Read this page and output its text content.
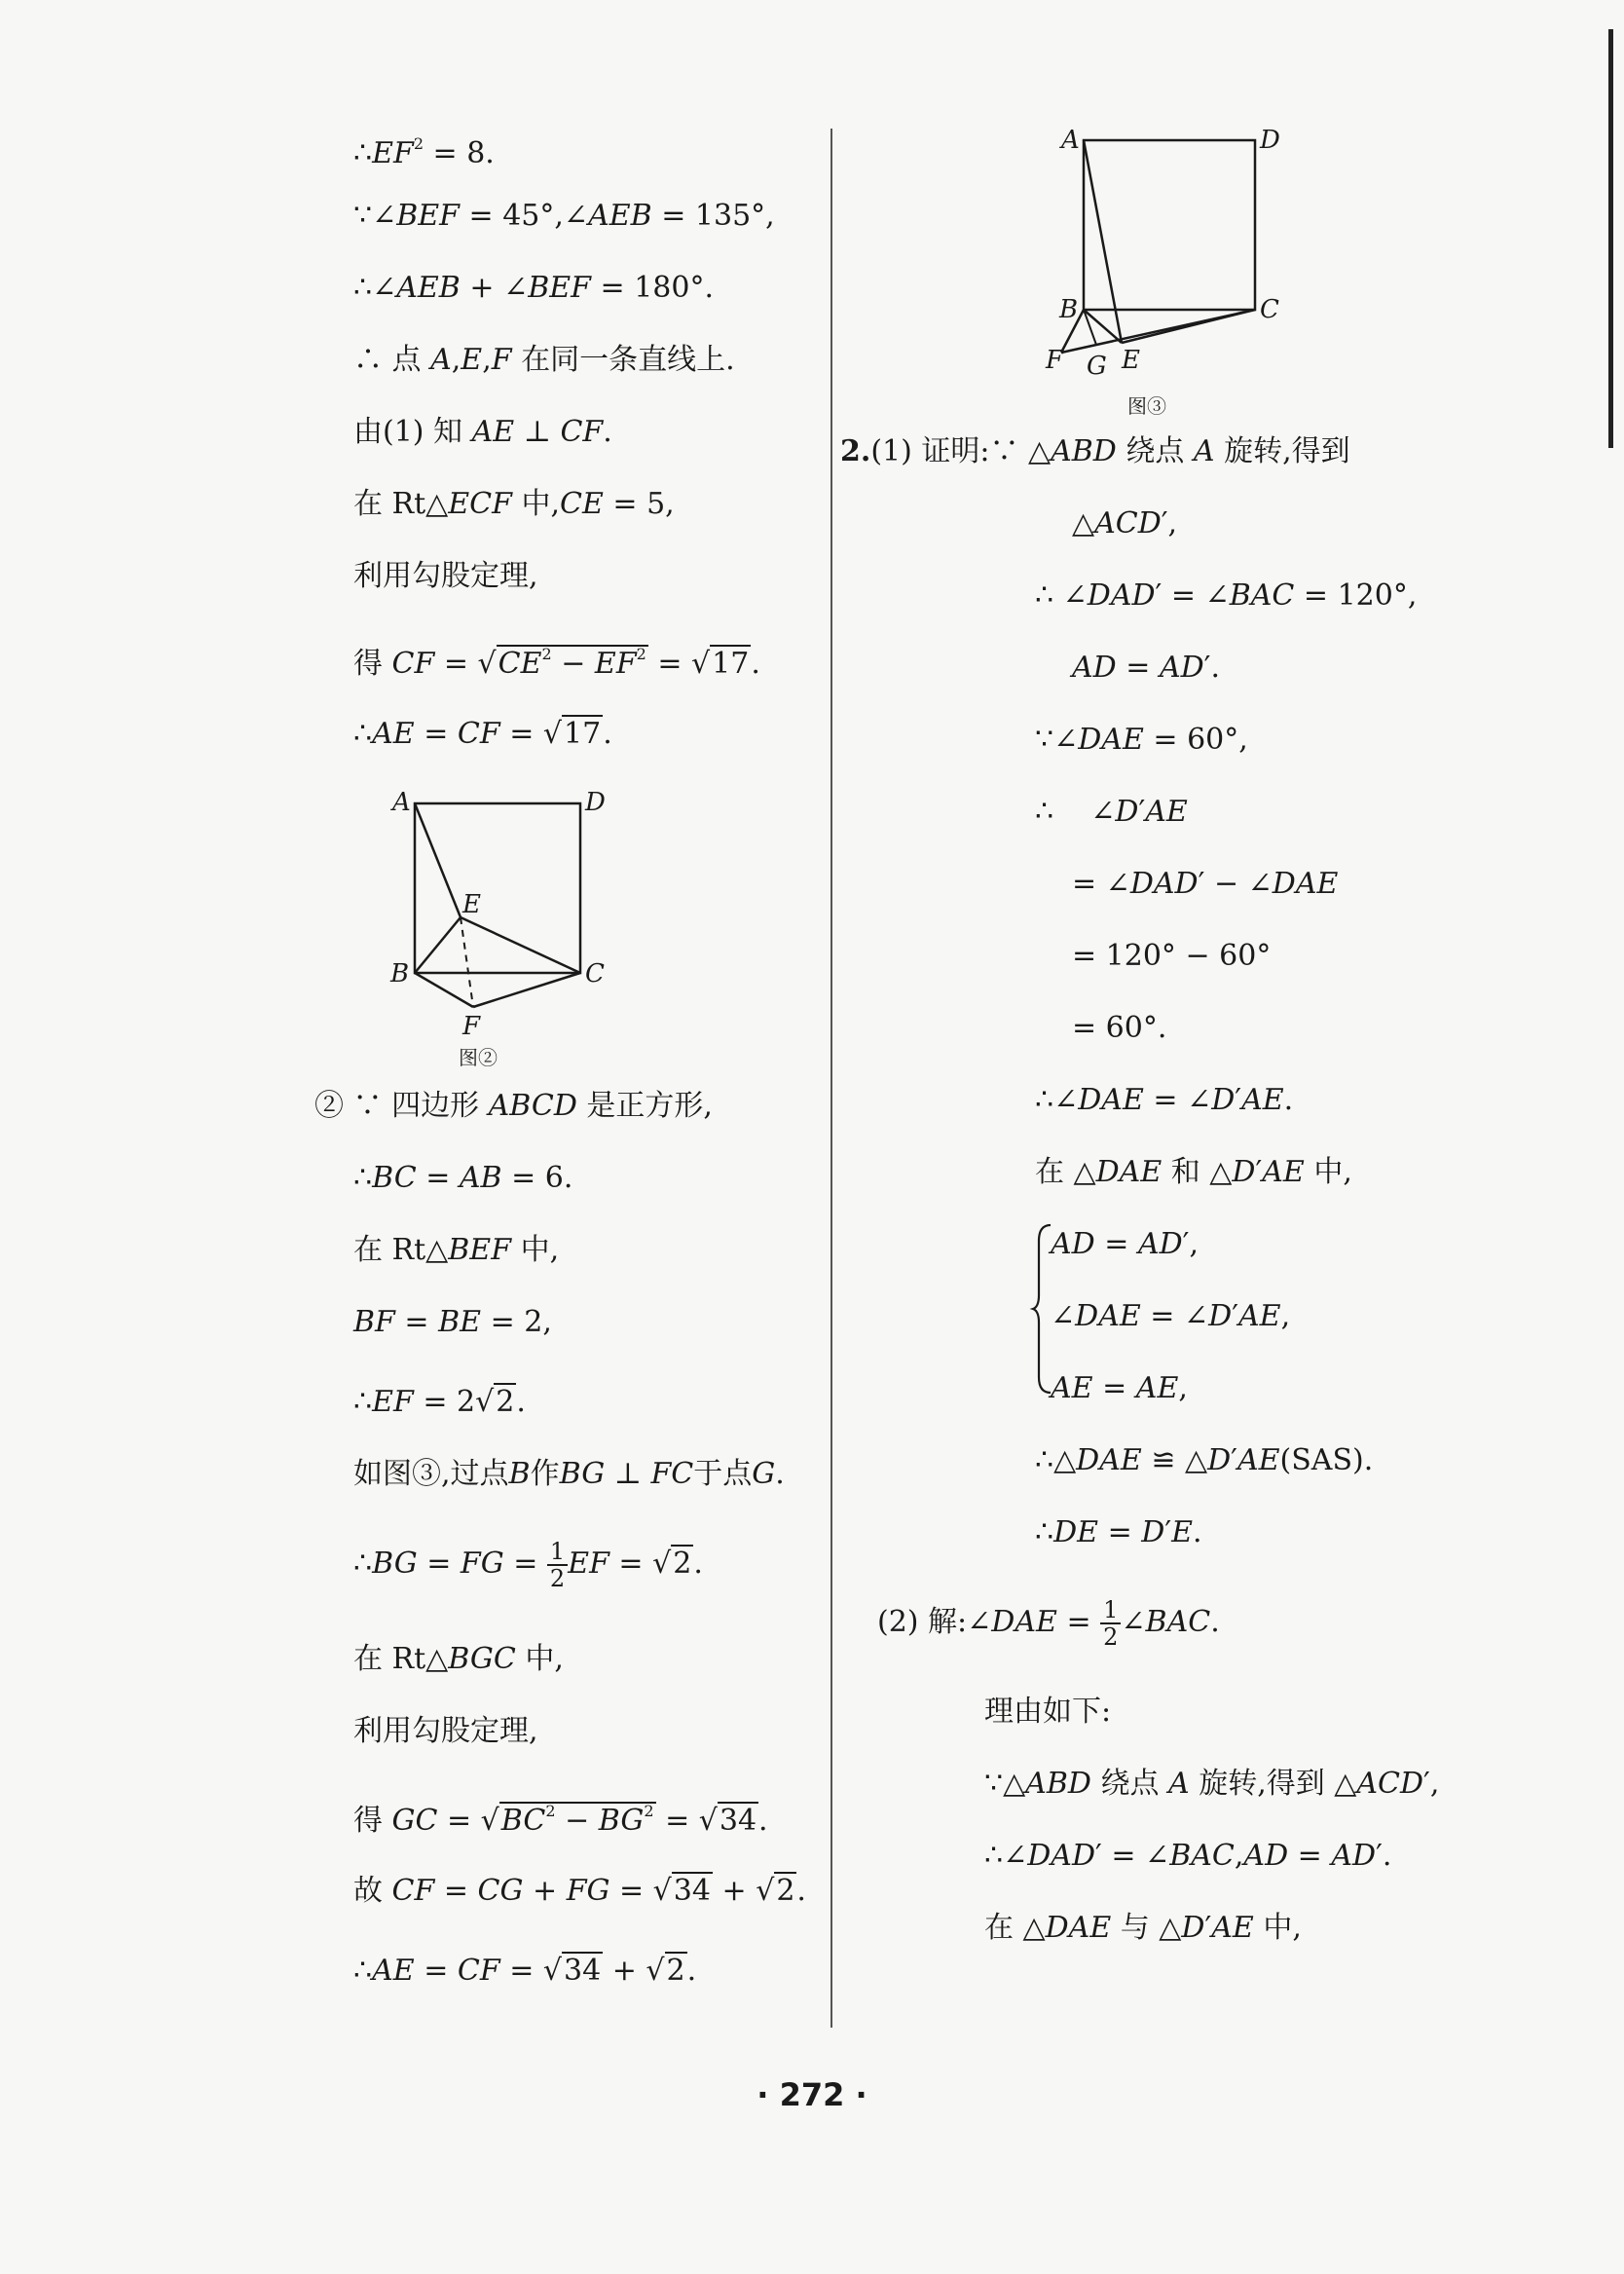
$\therefore EF^2 = 8$.
∵∠BEF = 45°,∠AEB = 135°,
∴∠AEB + ∠BEF = 180°.
∴ 点 A,E,F 在同一条直线上.
由(1) 知 AE ⊥ CF.
在 Rt△ECF 中,CE = 5,
利用勾股定理,
得 CF = $√CE^2 - EF^2 = √17$.
∴AE = CF = √17.
A	D
E
B	C
F
图②
② ∵ 四边形 ABCD 是正方形,
∴BC = AB = 6.
在 Rt△BEF 中,
BF = BE = 2,
∴EF = 2√2.
如图③,过点B作BG ⊥ FC于点G.
∴BG = FG = $\frac{1}{2}$ EF = √2.
在 Rt△BGC 中,
利用勾股定理,
得 GC = $√BC^2 - BG^2 = √34$.
故 CF = CG + FG = √34 + √2.
∴AE = CF = √34 + √2.
A	D
B	C
F G E
图③
2.(1) 证明:∵ △ABD 绕点 A 旋转,得到
△ACD′,
∴ ∠DAD′ = ∠BAC = 120°,
AD = AD′.
∵∠DAE = 60°,
∴    ∠D′AE
= ∠DAD′ − ∠DAE
= 120° − 60°
= 60°.
∴∠DAE = ∠D′AE.
在 △DAE 和 △D′AE 中,
AD = AD′,
∠DAE = ∠D′AE,
AE = AE,
∴△DAE ≌ △D′AE(SAS).
∴DE = D′E.
(2) 解:∠DAE = $\frac{1}{2}$ ∠BAC.
理由如下:
∵△ABD 绕点 A 旋转,得到 △ACD′,
∴∠DAD′ = ∠BAC,AD = AD′.
在 △DAE 与 △D′AE 中,
· 272 ·
